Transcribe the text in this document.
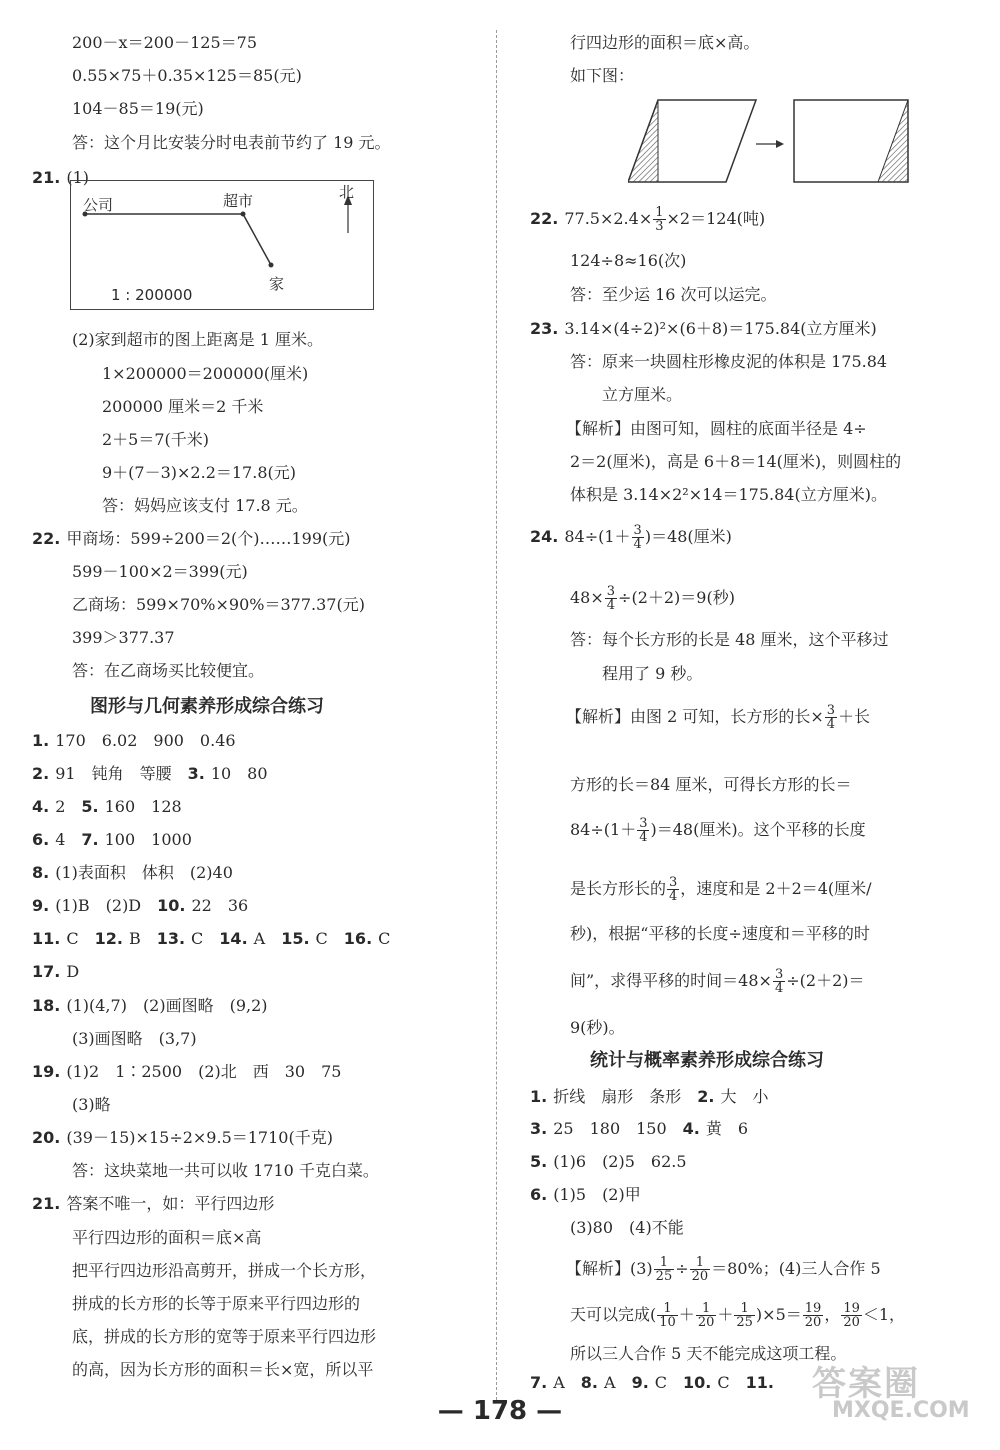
200－x＝200－125＝75
0.55×75＋0.35×125＝85(元)
104－85＝19(元)
答：这个月比安装分时电表前节约了 19 元。
21. (1)
公司	超市
家
北
1 : 200000
(2)家到超市的图上距离是 1 厘米。
1×200000＝200000(厘米)
200000 厘米＝2 千米
2＋5＝7(千米)
9＋(7－3)×2.2＝17.8(元)
答：妈妈应该支付 17.8 元。
22. 甲商场：599÷200＝2(个)……199(元)
599－100×2＝399(元)
乙商场：599×70%×90%＝377.37(元)
399＞377.37
答：在乙商场买比较便宜。
图形与几何素养形成综合练习
1. 170　6.02　900　0.46
2. 91　钝角　等腰　3. 10　80
4. 2　5. 160　128
6. 4　7. 100　1000
8. (1)表面积　体积　(2)40
9. (1)B　(2)D　10. 22　36
11. C　12. B　13. C　14. A　15. C　16. C
17. D
18. (1)(4,7)　(2)画图略　(9,2)
(3)画图略　(3,7)
19. (1)2　1∶2500　(2)北　西　30　75
(3)略
20. (39－15)×15÷2×9.5＝1710(千克)
答：这块菜地一共可以收 1710 千克白菜。
21. 答案不唯一，如：平行四边形
平行四边形的面积＝底×高
把平行四边形沿高剪开，拼成一个长方形，
拼成的长方形的长等于原来平行四边形的
底，拼成的长方形的宽等于原来平行四边形
的高，因为长方形的面积＝长×宽，所以平
行四边形的面积＝底×高。
如下图：
22. $77.5\times 2.4\times \frac{1}{3} \times 2=124$(吨)
124÷8≈16(次)
答：至少运 16 次可以运完。
23. 3.14×(4÷2)²×(6＋8)＝175.84(立方厘米)
答：原来一块圆柱形橡皮泥的体积是 175.84
立方厘米。
【解析】由图可知，圆柱的底面半径是 4÷
2＝2(厘米)，高是 6＋8＝14(厘米)，则圆柱的
体积是 3.14×2²×14＝175.84(立方厘米)。
24. $84\div(1+ \frac{3}{4} )=48$(厘米)
$48\times \frac{3}{4} \div(2+2)=9$(秒)
答：每个长方形的长是 48 厘米，这个平移过
程用了 9 秒。
【解析】由图 2 可知，长方形的长× $\frac{3}{4}$ ＋长
方形的长＝84 厘米，可得长方形的长＝
$84\div(1+ \frac{3}{4} )=48$(厘米)。这个平移的长度
是长方形长的 $\frac{3}{4}$ ，速度和是 2＋2＝4(厘米/
秒)，根据“平移的长度÷速度和＝平移的时
间”，求得平移的时间$=48\times \frac{3}{4} \div(2+2)=$
9(秒)。
统计与概率素养形成综合练习
1. 折线　扇形　条形　2. 大　小
3. 25　180　150　4. 黄　6
5. (1)6　(2)5　62.5
6. (1)5　(2)甲
(3)80　(4)不能
【解析】$(3) \frac{1}{25} \div \frac{1}{20} =80\%$；(4)三人合作 5
天可以完成( $\frac{1}{10} + \frac{1}{20} + \frac{1}{25} )\times 5= \frac{19}{20}$ ， $\frac{19}{20} <1$，
所以三人合作 5 天不能完成这项工程。
7. A　8. A　9. C　10. C　11. 答案圈
MXQE.COM
— 178 —
